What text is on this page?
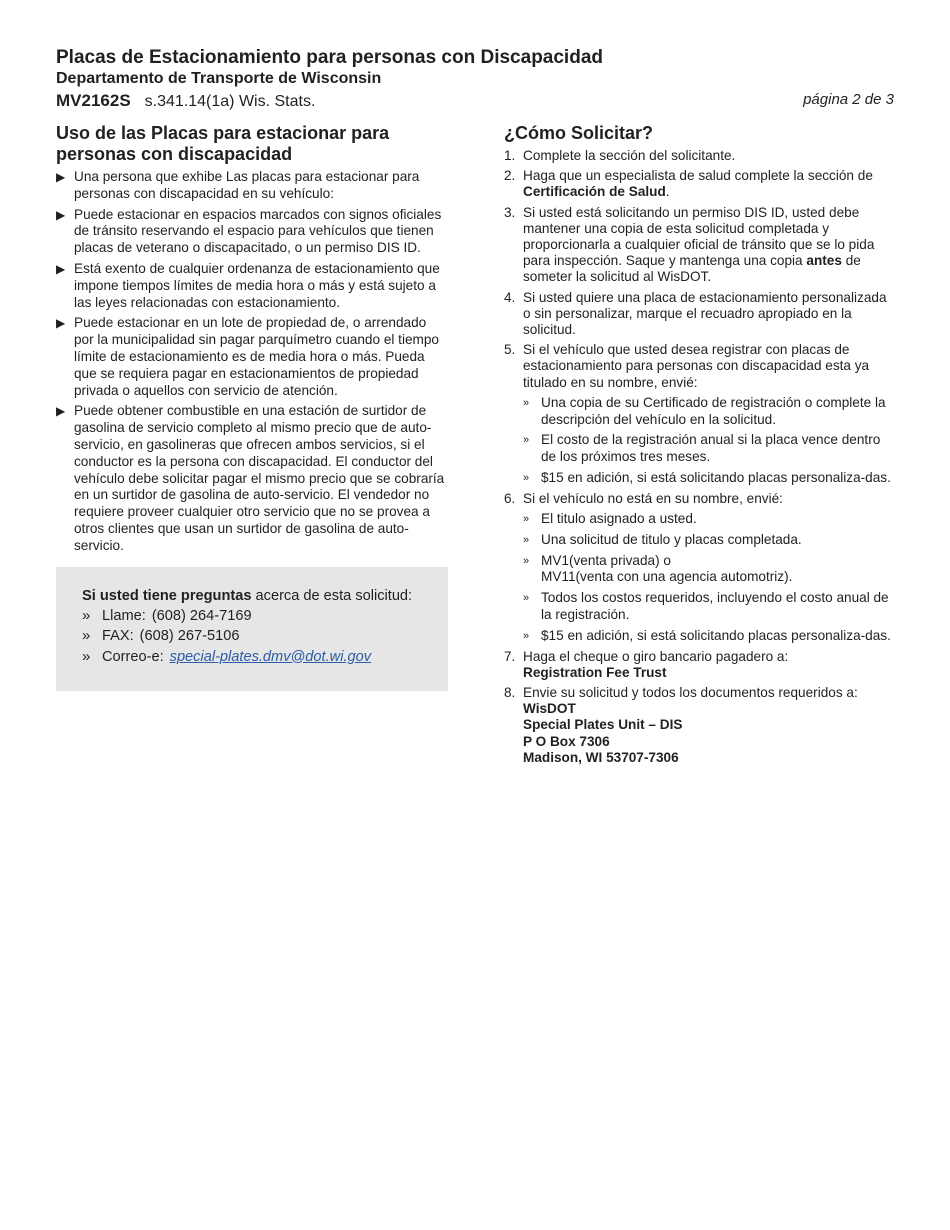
Placas de Estacionamiento para personas con Discapacidad
Departamento de Transporte de Wisconsin
MV2162S s.341.14(1a) Wis. Stats.	página 2 de 3
Uso de las Placas para estacionar para personas con discapacidad
▶ Una persona que exhibe Las placas para estacionar para personas con discapacidad en su vehículo:
▶ Puede estacionar en espacios marcados con signos oficiales de tránsito reservando el espacio para vehículos que tienen placas de veterano o discapacitado, o un permiso DIS ID.
▶ Está exento de cualquier ordenanza de estacionamiento que impone tiempos límites de media hora o más y está sujeto a las leyes relacionadas con estacionamiento.
▶ Puede estacionar en un lote de propiedad de, o arrendado por la municipalidad sin pagar parquímetro cuando el tiempo límite de estacionamiento es de media hora o más. Pueda que se requiera pagar en estacionamientos de propiedad privada o aquellos con servicio de atención.
▶ Puede obtener combustible en una estación de surtidor de gasolina de servicio completo al mismo precio que de auto-servicio, en gasolineras que ofrecen ambos servicios, si el conductor es la persona con discapacidad. El conductor del vehículo debe solicitar pagar el mismo precio que se cobraría en un surtidor de gasolina de auto-servicio. El vendedor no requiere proveer cualquier otro servicio que no se provea a otros clientes que usan un surtidor de gasolina de auto-servicio.
Si usted tiene preguntas acerca de esta solicitud:
» Llame: (608) 264-7169
» FAX: (608) 267-5106
» Correo-e: special-plates.dmv@dot.wi.gov
¿Cómo Solicitar?
1. Complete la sección del solicitante.
2. Haga que un especialista de salud complete la sección de Certificación de Salud.
3. Si usted está solicitando un permiso DIS ID, usted debe mantener una copia de esta solicitud completada y proporcionarla a cualquier oficial de tránsito que se lo pida para inspección. Saque y mantenga una copia antes de someter la solicitud al WisDOT.
4. Si usted quiere una placa de estacionamiento personalizada o sin personalizar, marque el recuadro apropiado en la solicitud.
5. Si el vehículo que usted desea registrar con placas de estacionamiento para personas con discapacidad esta ya titulado en su nombre, envié:
» Una copia de su Certificado de registración o complete la descripción del vehículo en la solicitud.
» El costo de la registración anual si la placa vence dentro de los próximos tres meses.
» $15 en adición, si está solicitando placas personaliza-das.
6. Si el vehículo no está en su nombre, envié:
» El titulo asignado a usted.
» Una solicitud de titulo y placas completada.
» MV1(venta privada) o
MV11(venta con una agencia automotriz).
» Todos los costos requeridos, incluyendo el costo anual de la registración.
» $15 en adición, si está solicitando placas personaliza-das.
7. Haga el cheque o giro bancario pagadero a:
Registration Fee Trust
8. Envie su solicitud y todos los documentos requeridos a:
WisDOT
Special Plates Unit – DIS
P O Box 7306
Madison, WI 53707-7306
